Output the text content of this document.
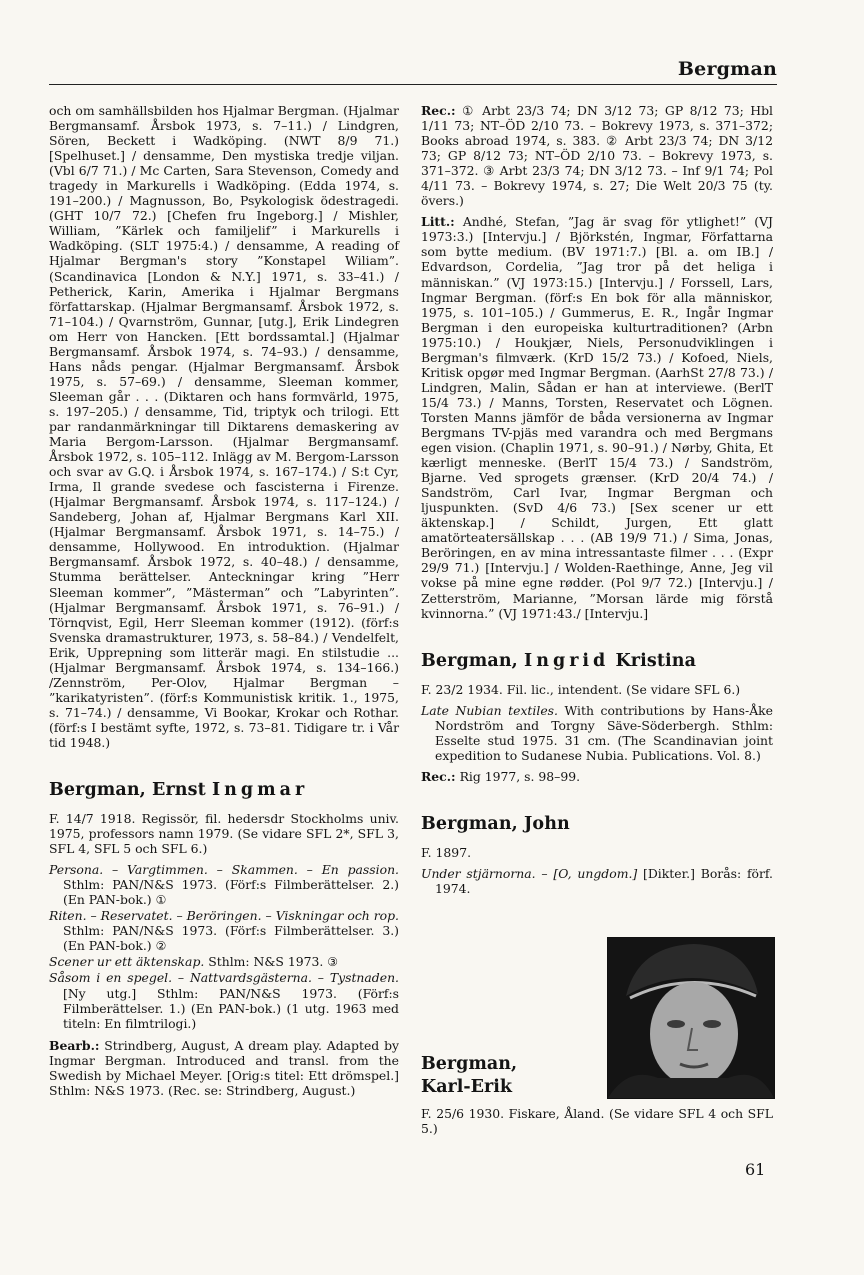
Bergman

och om samhällsbilden hos Hjalmar Bergman. (Hjalmar Bergmansamf. Årsbok 1973, s. 7–11.) / Lindgren, Sören, Beckett i Wadköping. (NWT 8/9 71.) [Spelhuset.] / densamme, Den mystiska tredje viljan. (Vbl 6/7 71.) / Mc Carten, Sara Stevenson, Comedy and tragedy in Markurells i Wadköping. (Edda 1974, s. 191–200.) / Magnusson, Bo, Psykologisk ödestragedi. (GHT 10/7 72.) [Chefen fru Ingeborg.] / Mishler, William, ”Kärlek och familjelif” i Markurells i Wadköping. (SLT 1975:4.) / densamme, A reading of Hjalmar Bergman's story ”Konstapel Wiliam”. (Scandinavica [London & N.Y.] 1971, s. 33–41.) / Petherick, Karin, Amerika i Hjalmar Bergmans författarskap. (Hjalmar Bergmansamf. Årsbok 1972, s. 71–104.) / Qvarnström, Gunnar, [utg.], Erik Lindegren om Herr von Hancken. [Ett bordssamtal.] (Hjalmar Bergmansamf. Årsbok 1974, s. 74–93.) / densamme, Hans nåds pengar. (Hjalmar Bergmansamf. Årsbok 1975, s. 57–69.) / densamme, Sleeman kommer, Sleeman går . . . (Diktaren och hans formvärld, 1975, s. 197–205.) / densamme, Tid, triptyk och trilogi. Ett par randanmärkningar till Diktarens demaskering av Maria Bergom-Larsson. (Hjalmar Bergmansamf. Årsbok 1972, s. 105–112. Inlägg av M. Bergom-Larsson och svar av G.Q. i Årsbok 1974, s. 167–174.) / S:t Cyr, Irma, Il grande svedese och fascisterna i Firenze. (Hjalmar Bergmansamf. Årsbok 1974, s. 117–124.) / Sandeberg, Johan af, Hjalmar Bergmans Karl XII. (Hjalmar Bergmansamf. Årsbok 1971, s. 14–75.) / densamme, Hollywood. En introduktion. (Hjalmar Bergmansamf. Årsbok 1972, s. 40–48.) / densamme, Stumma berättelser. Anteckningar kring ”Herr Sleeman kommer”, ”Mästerman” och ”Labyrinten”. (Hjalmar Bergmansamf. Årsbok 1971, s. 76–91.) / Törnqvist, Egil, Herr Sleeman kommer (1912). (förf:s Svenska dramastrukturer, 1973, s. 58–84.) / Vendelfelt, Erik, Upprepning som litterär magi. En stilstudie ... (Hjalmar Bergmansamf. Årsbok 1974, s. 134–166.) /Zennström, Per-Olov, Hjalmar Bergman – ”karikatyristen”. (förf:s Kommunistisk kritik. 1., 1975, s. 71–74.) / densamme, Vi Bookar, Krokar och Rothar. (förf:s I bestämt syfte, 1972, s. 73–81. Tidigare tr. i Vår tid 1948.)

Bergman, Ernst Ingmar

F. 14/7 1918. Regissör, fil. hedersdr Stockholms univ. 1975, professors namn 1979. (Se vidare SFL 2*, SFL 3, SFL 4, SFL 5 och SFL 6.)

Persona. – Vargtimmen. – Skammen. – En passion. Sthlm: PAN/N&S 1973. (Förf:s Filmberättelser. 2.) (En PAN-bok.) ①

Riten. – Reservatet. – Beröringen. – Viskningar och rop. Sthlm: PAN/N&S 1973. (Förf:s Filmberättelser. 3.) (En PAN-bok.) ②

Scener ur ett äktenskap. Sthlm: N&S 1973. ③

Såsom i en spegel. – Nattvardsgästerna. – Tystnaden. [Ny utg.] Sthlm: PAN/N&S 1973. (Förf:s Filmberättelser. 1.) (En PAN-bok.) (1 utg. 1963 med titeln: En filmtrilogi.)

Bearb.: Strindberg, August, A dream play. Adapted by Ingmar Bergman. Introduced and transl. from the Swedish by Michael Meyer. [Orig:s titel: Ett drömspel.] Sthlm: N&S 1973. (Rec. se: Strindberg, August.)

Rec.: ① Arbt 23/3 74; DN 3/12 73; GP 8/12 73; Hbl 1/11 73; NT–ÖD 2/10 73. – Bokrevy 1973, s. 371–372; Books abroad 1974, s. 383. ② Arbt 23/3 74; DN 3/12 73; GP 8/12 73; NT–ÖD 2/10 73. – Bokrevy 1973, s. 371–372. ③ Arbt 23/3 74; DN 3/12 73. – Inf 9/1 74; Pol 4/11 73. – Bokrevy 1974, s. 27; Die Welt 20/3 75 (ty. övers.)

Litt.: Andhé, Stefan, ”Jag är svag för ytlighet!” (VJ 1973:3.) [Intervju.] / Björkstén, Ingmar, Författarna som bytte medium. (BV 1971:7.) [Bl. a. om IB.] / Edvardson, Cordelia, ”Jag tror på det heliga i människan.” (VJ 1973:15.) [Intervju.] / Forssell, Lars, Ingmar Bergman. (förf:s En bok för alla människor, 1975, s. 101–105.) / Gummerus, E. R., Ingår Ingmar Bergman i den europeiska kulturtraditionen? (Arbn 1975:10.) / Houkjær, Niels, Personudviklingen i Bergman's filmværk. (KrD 15/2 73.) / Kofoed, Niels, Kritisk opgør med Ingmar Bergman. (AarhSt 27/8 73.) / Lindgren, Malin, Sådan er han at interviewe. (BerlT 15/4 73.) / Manns, Torsten, Reservatet och Lögnen. Torsten Manns jämför de båda versionerna av Ingmar Bergmans TV-pjäs med varandra och med Bergmans egen vision. (Chaplin 1971, s. 90–91.) / Nørby, Ghita, Et kærligt menneske. (BerlT 15/4 73.) / Sandström, Bjarne. Ved sprogets grænser. (KrD 20/4 74.) / Sandström, Carl Ivar, Ingmar Bergman och ljuspunkten. (SvD 4/6 73.) [Sex scener ur ett äktenskap.] / Schildt, Jurgen, Ett glatt amatörteatersällskap . . . (AB 19/9 71.) / Sima, Jonas, Beröringen, en av mina intressantaste filmer . . . (Expr 29/9 71.) [Intervju.] / Wolden-Raethinge, Anne, Jeg vil vokse på mine egne rødder. (Pol 9/7 72.) [Intervju.] / Zetterström, Marianne, ”Morsan lärde mig förstå kvinnorna.” (VJ 1971:43./ [Intervju.]

Bergman, Ingrid Kristina

F. 23/2 1934. Fil. lic., intendent. (Se vidare SFL 6.)

Late Nubian textiles. With contributions by Hans-Åke Nordström and Torgny Säve-Söderbergh. Sthlm: Esselte stud 1975. 31 cm. (The Scandinavian joint expedition to Sudanese Nubia. Publications. Vol. 8.)

Rec.: Rig 1977, s. 98–99.

Bergman, John

F. 1897.

Under stjärnorna. – [O, ungdom.] [Dikter.] Borås: förf. 1974.

Bergman,
Karl-Erik

F. 25/6 1930. Fiskare, Åland. (Se vidare SFL 4 och SFL 5.)

61
